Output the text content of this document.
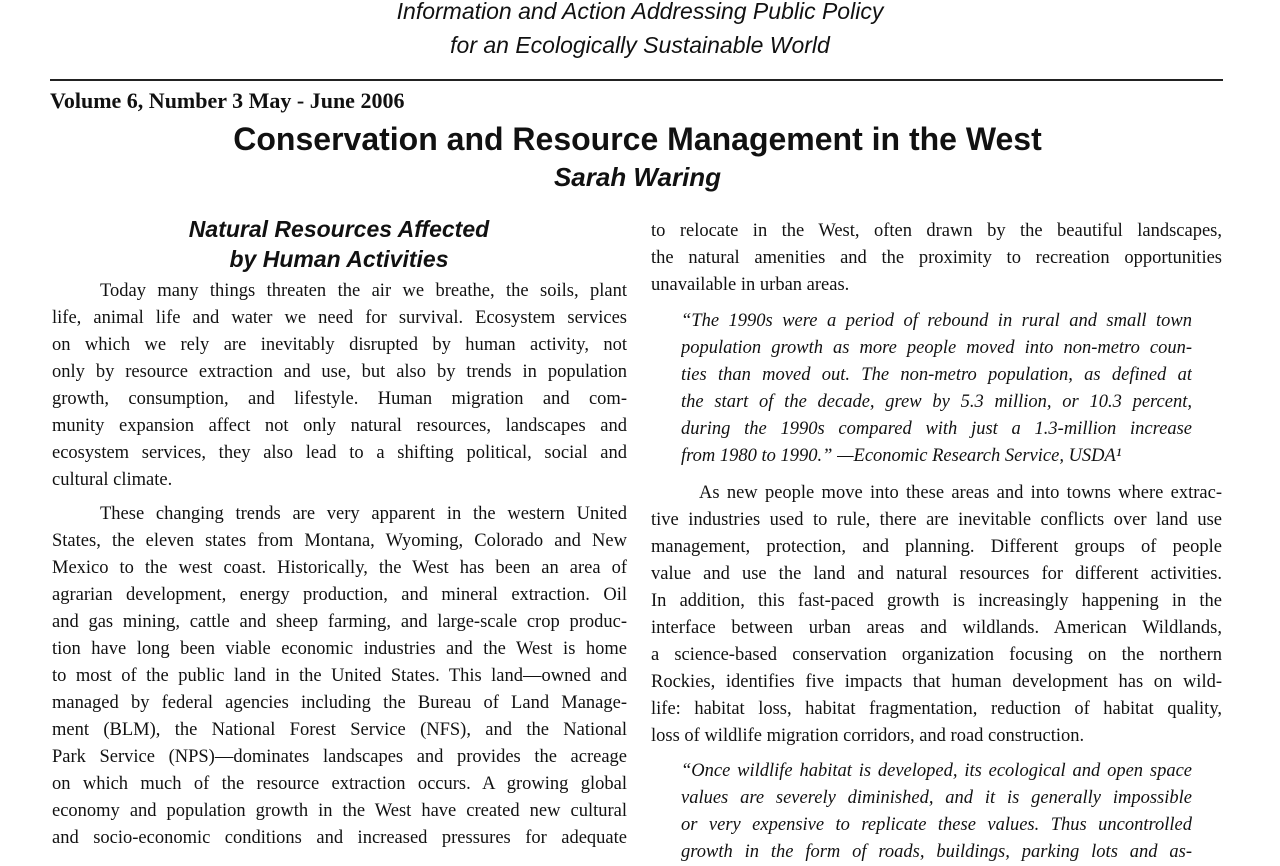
Information and Action Addressing Public Policy
for an Ecologically Sustainable World
Volume 6, Number 3 May - June 2006
Conservation and Resource Management in the West
Sarah Waring
Natural Resources Affected
by Human Activities
Today many things threaten the air we breathe, the soils, plant
life, animal life and water we need for survival. Ecosystem services
on which we rely are inevitably disrupted by human activity, not
only by resource extraction and use, but also by trends in population
growth, consumption, and lifestyle. Human migration and com-
munity expansion affect not only natural resources, landscapes and
ecosystem services, they also lead to a shifting political, social and
cultural climate.
These changing trends are very apparent in the western United
States, the eleven states from Montana, Wyoming, Colorado and New
Mexico to the west coast. Historically, the West has been an area of
agrarian development, energy production, and mineral extraction. Oil
and gas mining, cattle and sheep farming, and large-scale crop produc-
tion have long been viable economic industries and the West is home
to most of the public land in the United States. This land—owned and
managed by federal agencies including the Bureau of Land Manage-
ment (BLM), the National Forest Service (NFS), and the National
Park Service (NPS)—dominates landscapes and provides the acreage
on which much of the resource extraction occurs. A growing global
economy and population growth in the West have created new cultural
and socio-economic conditions and increased pressures for adequate
to relocate in the West, often drawn by the beautiful landscapes,
the natural amenities and the proximity to recreation opportunities
unavailable in urban areas.
“The 1990s were a period of rebound in rural and small town
population growth as more people moved into non-metro coun-
ties than moved out. The non-metro population, as defined at
the start of the decade, grew by 5.3 million, or 10.3 percent,
during the 1990s compared with just a 1.3-million increase
from 1980 to 1990.” —Economic Research Service, USDA¹
As new people move into these areas and into towns where extrac-
tive industries used to rule, there are inevitable conflicts over land use
management, protection, and planning. Different groups of people
value and use the land and natural resources for different activities.
In addition, this fast-paced growth is increasingly happening in the
interface between urban areas and wildlands. American Wildlands,
a science-based conservation organization focusing on the northern
Rockies, identifies five impacts that human development has on wild-
life: habitat loss, habitat fragmentation, reduction of habitat quality,
loss of wildlife migration corridors, and road construction.
“Once wildlife habitat is developed, its ecological and open space
values are severely diminished, and it is generally impossible
or very expensive to replicate these values. Thus uncontrolled
growth in the form of roads, buildings, parking lots and as-
